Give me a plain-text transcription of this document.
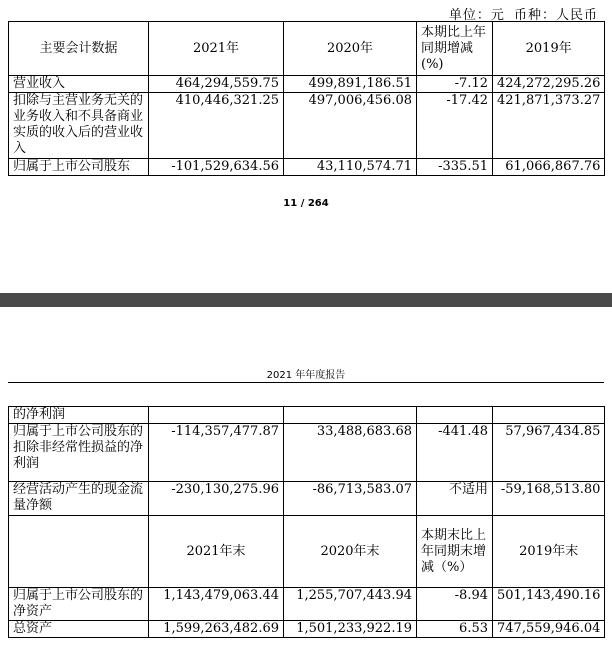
单位：元 币种：人民币
主要会计数据	2021年	2020年	本期比上年同期增减(%)	2019年
营业收入	464,294,559.75	499,891,186.51	-7.12	424,272,295.26
扣除与主营业务无关的业务收入和不具备商业实质的收入后的营业收入	410,446,321.25	497,006,456.08	-17.42	421,871,373.27
归属于上市公司股东	-101,529,634.56	43,110,574.71	-335.51	61,066,867.76
11 / 264
2021 年年度报告
的净利润				
归属于上市公司股东的扣除非经常性损益的净利润	-114,357,477.87	33,488,683.68	-441.48	57,967,434.85
经营活动产生的现金流量净额	-230,130,275.96	-86,713,583.07	不适用	-59,168,513.80
	2021年末	2020年末	本期末比上年同期末增减（%）	2019年末
归属于上市公司股东的净资产	1,143,479,063.44	1,255,707,443.94	-8.94	501,143,490.16
总资产	1,599,263,482.69	1,501,233,922.19	6.53	747,559,946.04
